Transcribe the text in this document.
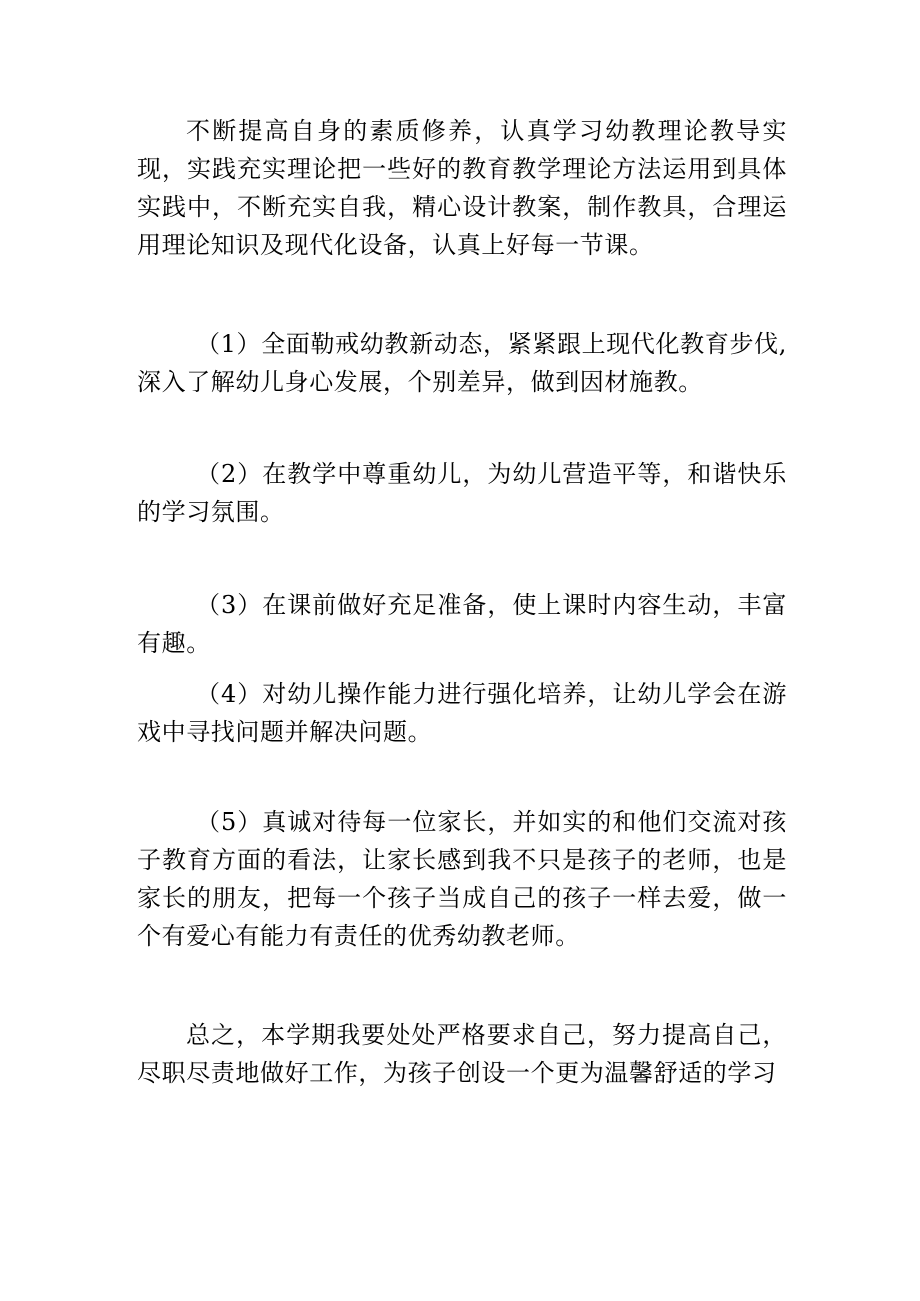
不断提高自身的素质修养，认真学习幼教理论教导实现，实践充实理论把一些好的教育教学理论方法运用到具体实践中，不断充实自我，精心设计教案，制作教具，合理运用理论知识及现代化设备，认真上好每一节课。

（1）全面勒戒幼教新动态，紧紧跟上现代化教育步伐,深入了解幼儿身心发展，个别差异，做到因材施教。

（2）在教学中尊重幼儿，为幼儿营造平等，和谐快乐的学习氛围。

（3）在课前做好充足准备，使上课时内容生动，丰富有趣。

（4）对幼儿操作能力进行强化培养，让幼儿学会在游戏中寻找问题并解决问题。

（5）真诚对待每一位家长，并如实的和他们交流对孩子教育方面的看法，让家长感到我不只是孩子的老师，也是家长的朋友，把每一个孩子当成自己的孩子一样去爱，做一个有爱心有能力有责任的优秀幼教老师。

总之，本学期我要处处严格要求自己，努力提高自己，尽职尽责地做好工作，为孩子创设一个更为温馨舒适的学习
